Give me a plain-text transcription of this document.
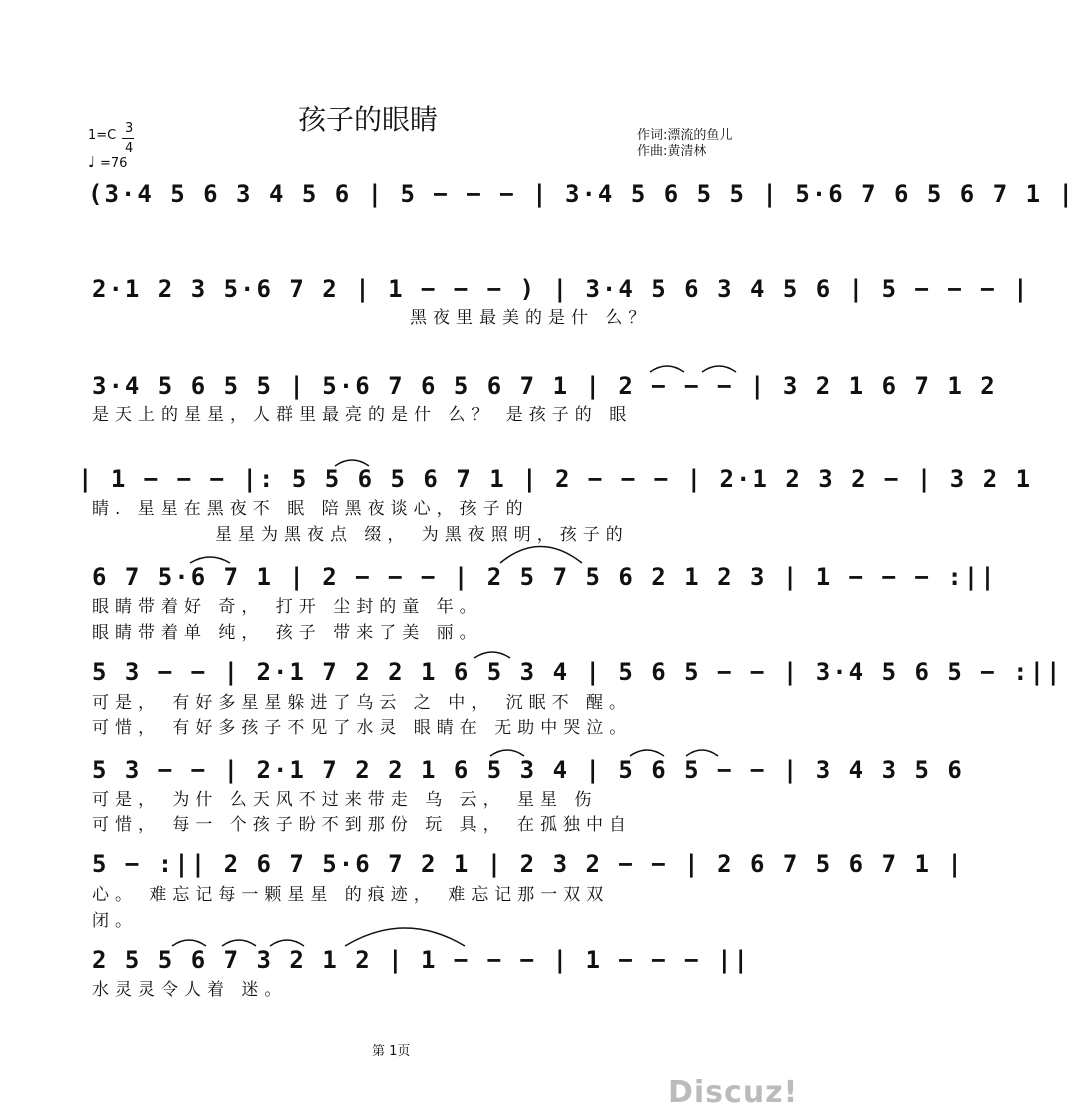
孩子的眼睛
1=C 3
4
♩ =76
作词:漂流的鱼儿
作曲:黄清林
(3·4 5 6 3 4 5 6 | 5 − − − | 3·4 5 6 5 5 | 5·6 7 6 5 6 7 1 |
2·1 2 3 5·6 7 2 | 1 − − − ) | 3·4 5 6 3 4 5 6 | 5 − − − |
黑夜里最美的是什 么？
3·4 5 6 5 5 | 5·6 7 6 5 6 7 1 | 2 − − − | 3 2 1 6 7 1 2
是天上的星星，人群里最亮的是什 么？ 是孩子的 眼
| 1 − − − |: 5 5 6 5 6 7 1 | 2 − − − | 2·1 2 3 2 − | 3 2 1
睛. 星星在黑夜不 眠 陪黑夜谈心，孩子的
星星为黑夜点 缀， 为黑夜照明，孩子的
6 7 5·6 7 1 | 2 − − − | 2 5 7 5 6 2 1 2 3 | 1 − − − :||
眼睛带着好 奇， 打开 尘封的童 年。
眼睛带着单 纯， 孩子 带来了美 丽。
5 3 − − | 2·1 7 2 2 1 6 5 3 4 | 5 6 5 − − | 3·4 5 6 5 − :||
可是， 有好多星星躲进了乌云 之 中， 沉眠不 醒。
可惜， 有好多孩子不见了水灵 眼睛在 无助中哭泣。
5 3 − − | 2·1 7 2 2 1 6 5 3 4 | 5 6 5 − − | 3 4 3 5 6
可是， 为什 么天风不过来带走 乌 云， 星星 伤
可惜， 每一 个孩子盼不到那份 玩 具， 在孤独中自
5 − :|| 2 6 7 5·6 7 2 1 | 2 3 2 − − | 2 6 7 5 6 7 1 |
心。 难忘记每一颗星星 的痕迹， 难忘记那一双双
闭。
2 5 5 6 7 3 2 1 2 | 1 − − − | 1 − − − ||
水灵灵令人着 迷。
第 1页
Discuz!
